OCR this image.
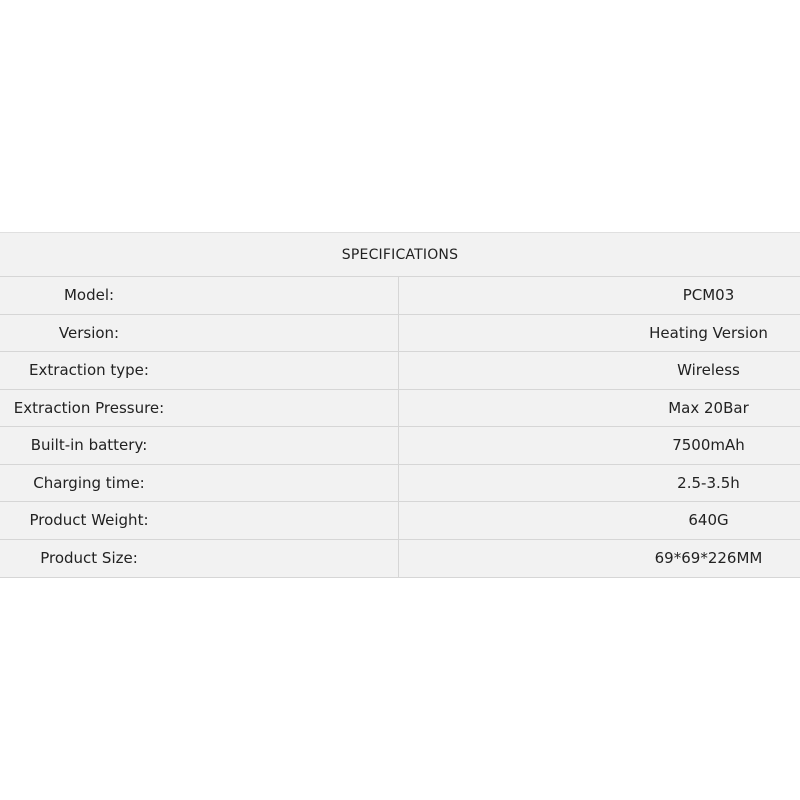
SPECIFICATIONS
Model:	PCM03
Version:	Heating Version
Extraction type:	Wireless
Extraction Pressure:	Max 20Bar
Built-in battery:	7500mAh
Charging time:	2.5-3.5h
Product Weight:	640G
Product Size:	69*69*226MM
